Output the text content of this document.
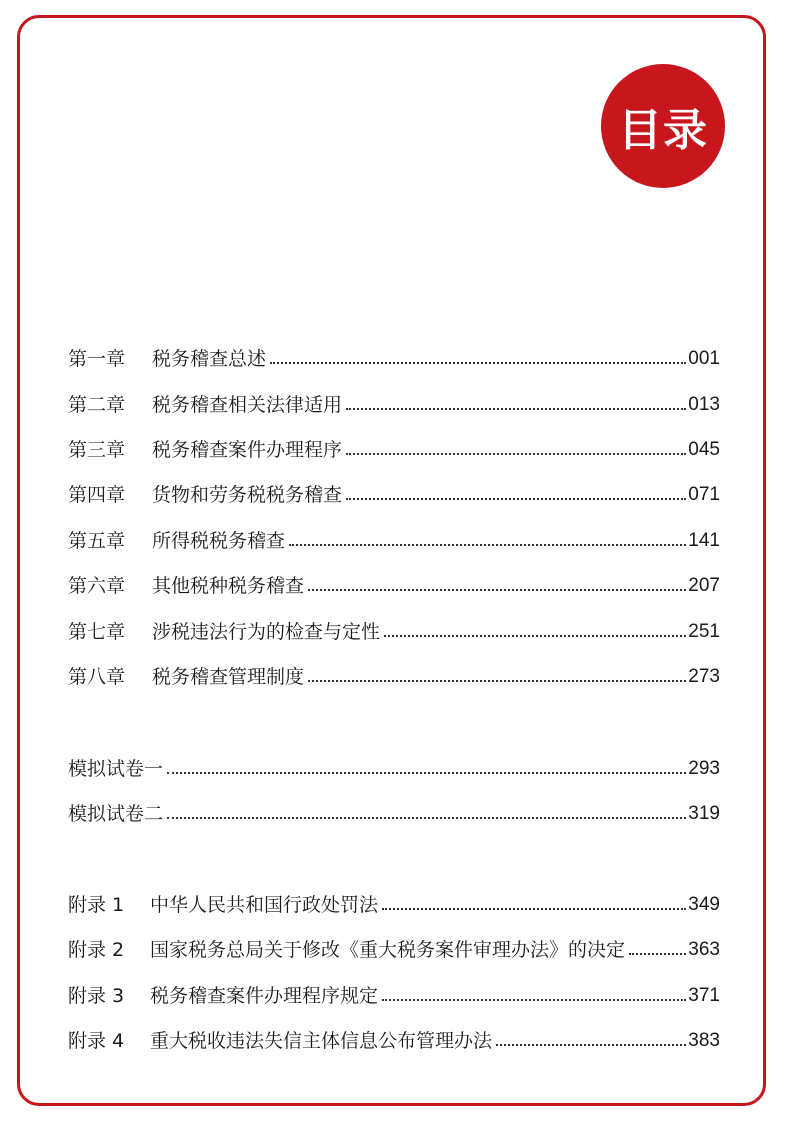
目录
第一章	税务稽查总述	001
第二章	税务稽查相关法律适用	013
第三章	税务稽查案件办理程序	045
第四章	货物和劳务税税务稽查	071
第五章	所得税税务稽查	141
第六章	其他税种税务稽查	207
第七章	涉税违法行为的检查与定性	251
第八章	税务稽查管理制度	273
模拟试卷一	293
模拟试卷二	319
附录 1	中华人民共和国行政处罚法	349
附录 2	国家税务总局关于修改《重大税务案件审理办法》的决定	363
附录 3	税务稽查案件办理程序规定	371
附录 4	重大税收违法失信主体信息公布管理办法	383
